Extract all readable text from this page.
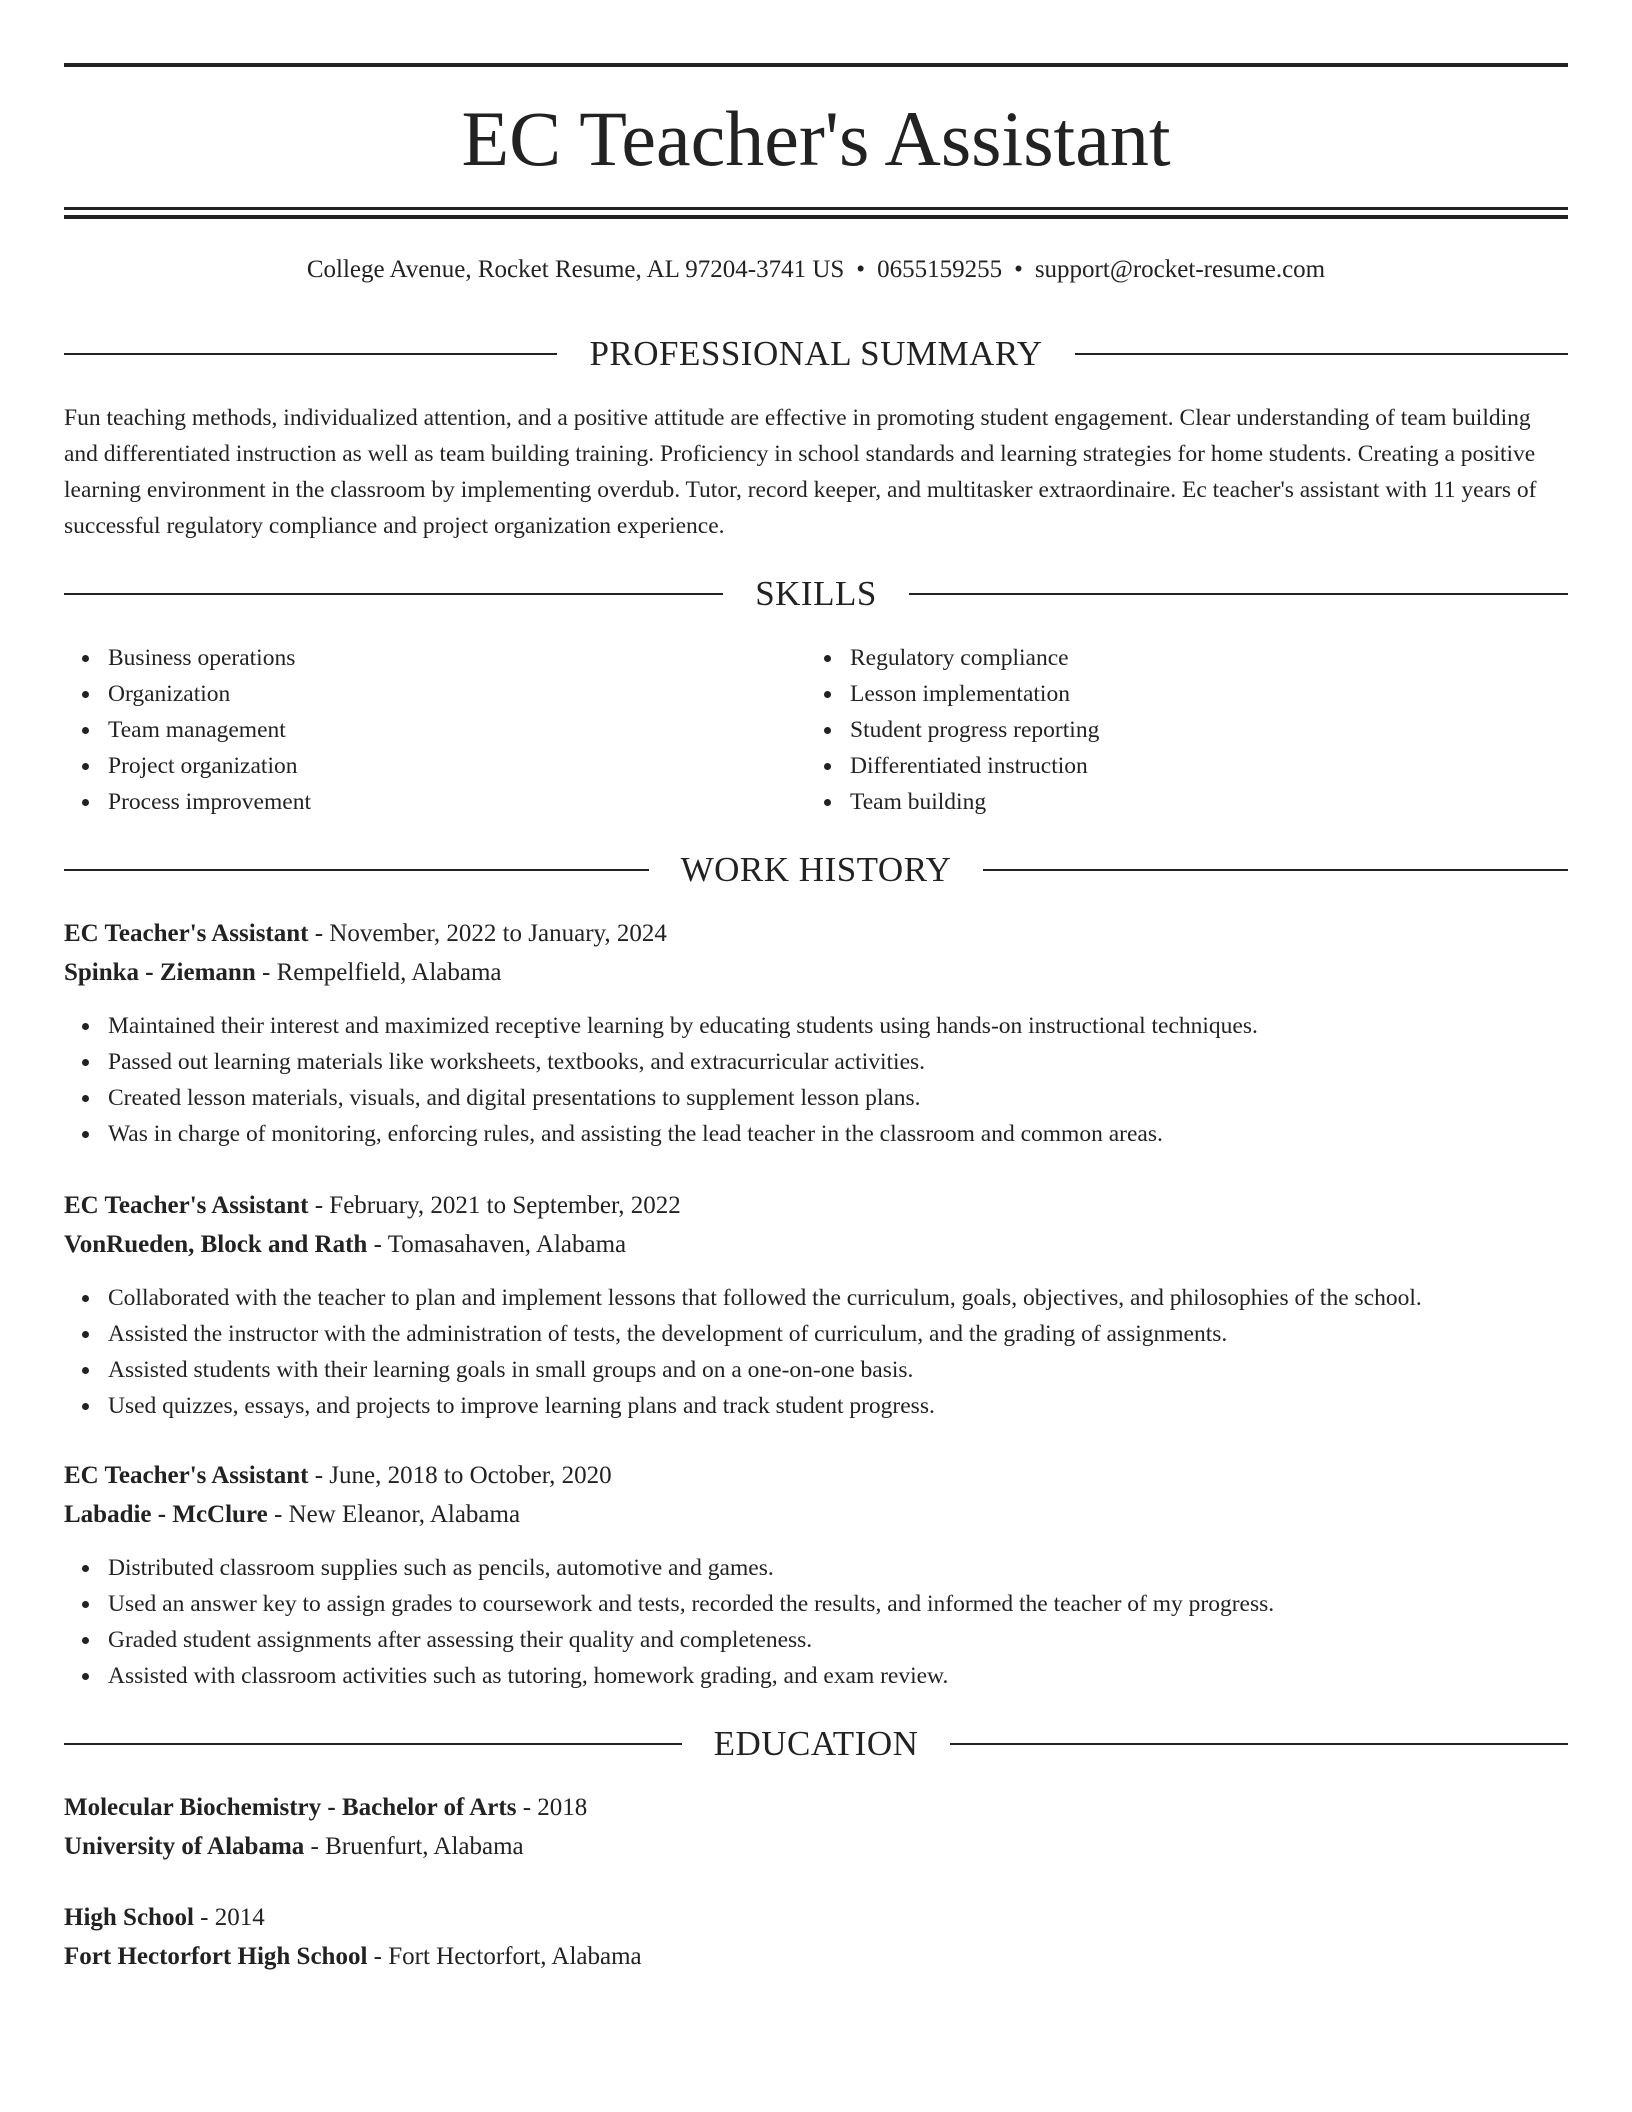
EC Teacher's Assistant
College Avenue, Rocket Resume, AL 97204-3741 US • 0655159255 • support@rocket-resume.com
PROFESSIONAL SUMMARY

Fun teaching methods, individualized attention, and a positive attitude are effective in promoting student engagement. Clear understanding of team building and differentiated instruction as well as team building training. Proficiency in school standards and learning strategies for home students. Creating a positive learning environment in the classroom by implementing overdub. Tutor, record keeper, and multitasker extraordinaire. Ec teacher's assistant with 11 years of successful regulatory compliance and project organization experience.

SKILLS
Business operations
Organization
Team management
Project organization
Process improvement
Regulatory compliance
Lesson implementation
Student progress reporting
Differentiated instruction
Team building
WORK HISTORY
EC Teacher's Assistant - November, 2022 to January, 2024
Spinka - Ziemann - Rempelfield, Alabama
Maintained their interest and maximized receptive learning by educating students using hands-on instructional techniques.
Passed out learning materials like worksheets, textbooks, and extracurricular activities.
Created lesson materials, visuals, and digital presentations to supplement lesson plans.
Was in charge of monitoring, enforcing rules, and assisting the lead teacher in the classroom and common areas.
EC Teacher's Assistant - February, 2021 to September, 2022
VonRueden, Block and Rath - Tomasahaven, Alabama
Collaborated with the teacher to plan and implement lessons that followed the curriculum, goals, objectives, and philosophies of the school.
Assisted the instructor with the administration of tests, the development of curriculum, and the grading of assignments.
Assisted students with their learning goals in small groups and on a one-on-one basis.
Used quizzes, essays, and projects to improve learning plans and track student progress.
EC Teacher's Assistant - June, 2018 to October, 2020
Labadie - McClure - New Eleanor, Alabama
Distributed classroom supplies such as pencils, automotive and games.
Used an answer key to assign grades to coursework and tests, recorded the results, and informed the teacher of my progress.
Graded student assignments after assessing their quality and completeness.
Assisted with classroom activities such as tutoring, homework grading, and exam review.
EDUCATION
Molecular Biochemistry - Bachelor of Arts - 2018
University of Alabama - Bruenfurt, Alabama
High School - 2014
Fort Hectorfort High School - Fort Hectorfort, Alabama
